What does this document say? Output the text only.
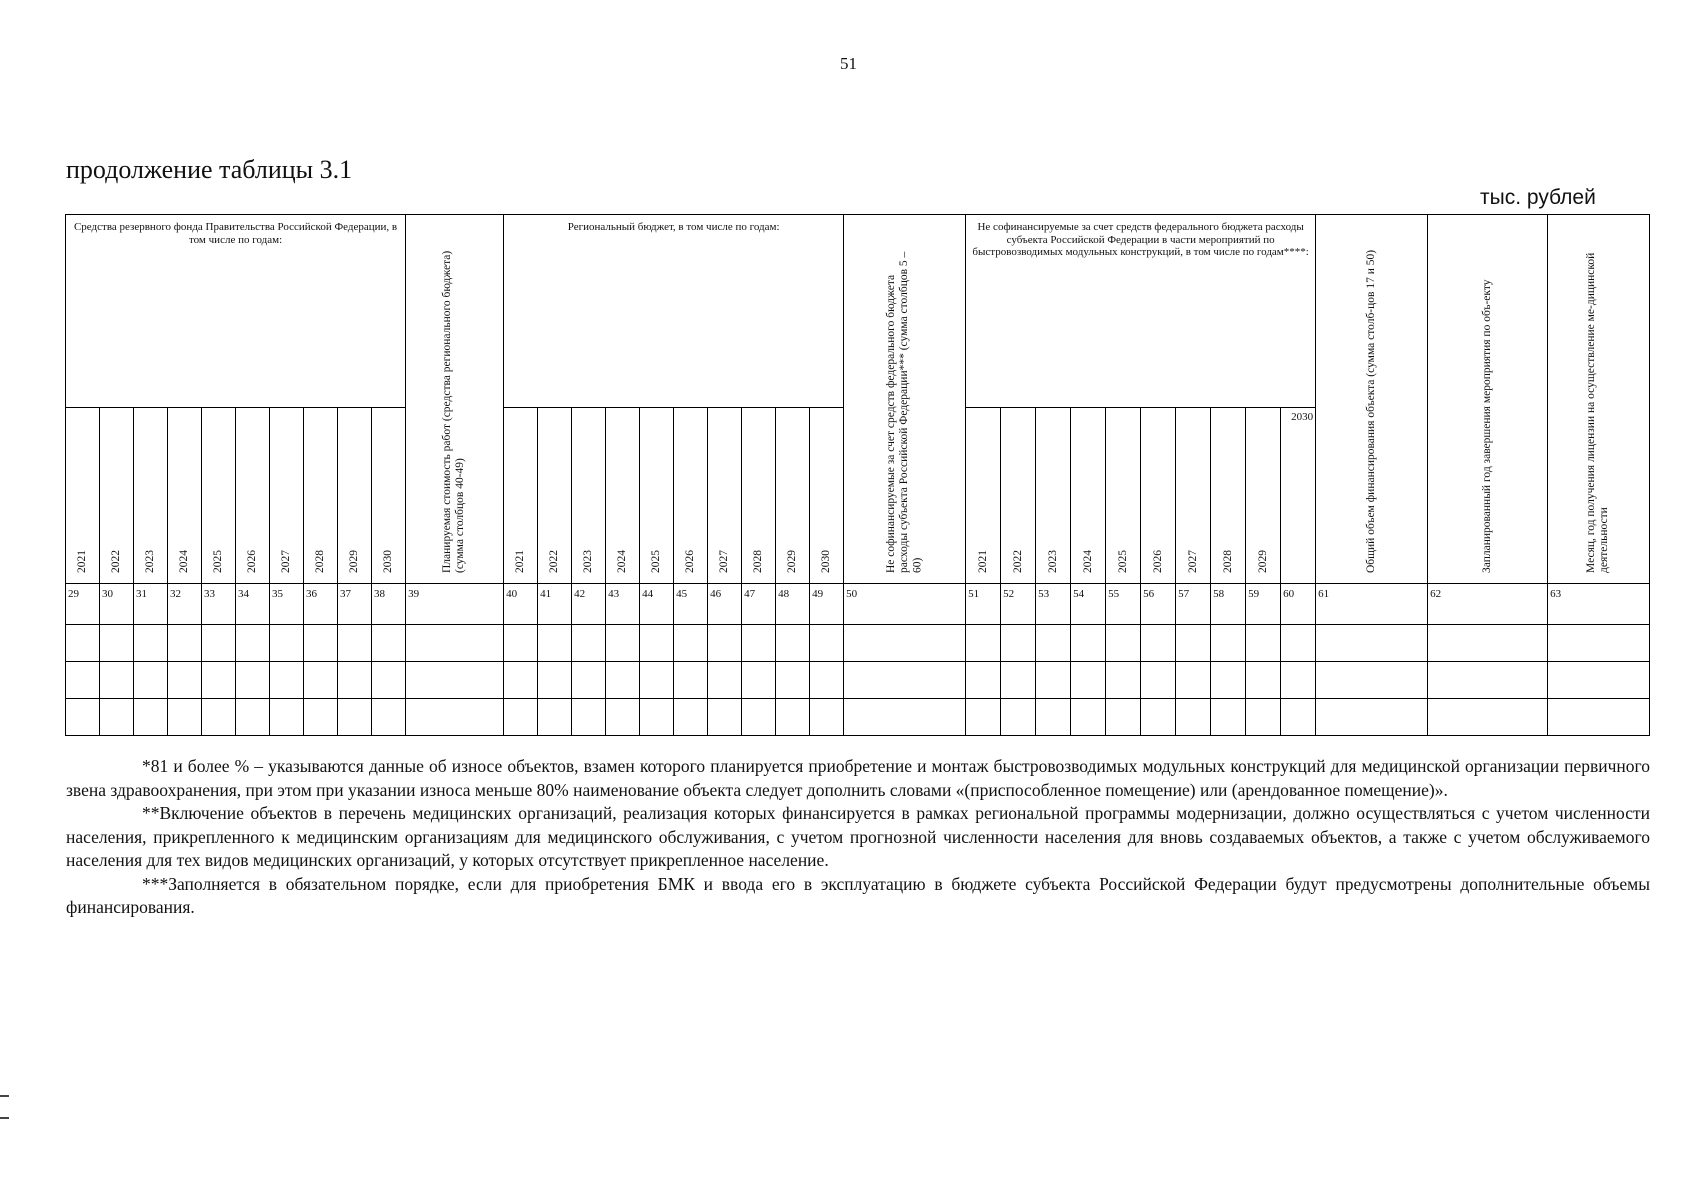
51
продолжение таблицы 3.1
тыс. рублей
Средства резервного фонда Правительства Российской Федерации, в том числе по годам:										Планируемая стоимость работ (средства регионального бюджета) (сумма столбцов 40-49)	Региональный бюджет, в том числе по годам:										Не софинансируемые за счет средств федерального бюджета расходы субъекта Российской Федерации*** (сумма столбцов 5 – 60)	Не софинансируемые за счет средств федерального бюджета расходы субъекта Российской Федерации в части мероприятий по быстровозводимых модульных конструкций, в том числе по годам****:										Общий объем финансирования объекта (сумма столб-цов 17 и 50)	Запланированный год завершения мероприятия по объ-екту	Месяц, год получения лицензии на осуществление ме-дицинской деятельности

2021	2022	2023	2024	2025	2026	2027	2028	2029	2030		2021	2022	2023	2024	2025	2026	2027	2028	2029	2030		2021	2022	2023	2024	2025	2026	2027	2028	2029	2030			
29	30	31	32	33	34	35	36	37	38	39	40	41	42	43	44	45	46	47	48	49	50	51	52	53	54	55	56	57	58	59	60	61	62	63

*81 и более % – указываются данные об износе объектов, взамен которого планируется приобретение и монтаж быстровозводимых модульных конструкций для медицинской организации первичного звена здравоохранения, при этом при указании износа меньше 80% наименование объекта следует дополнить словами «(приспособленное помещение) или (арендованное помещение)».

**Включение объектов в перечень медицинских организаций, реализация которых финансируется в рамках региональной программы модернизации, должно осуществляться с учетом численности населения, прикрепленного к медицинским организациям для медицинского обслуживания, с учетом прогнозной численности населения для вновь создаваемых объектов, а также с учетом обслуживаемого населения для тех видов медицинских организаций, у которых отсутствует прикрепленное население.

***Заполняется в обязательном порядке, если для приобретения БМК и ввода его в эксплуатацию в бюджете субъекта Российской Федерации будут предусмотрены дополнительные объемы финансирования.
